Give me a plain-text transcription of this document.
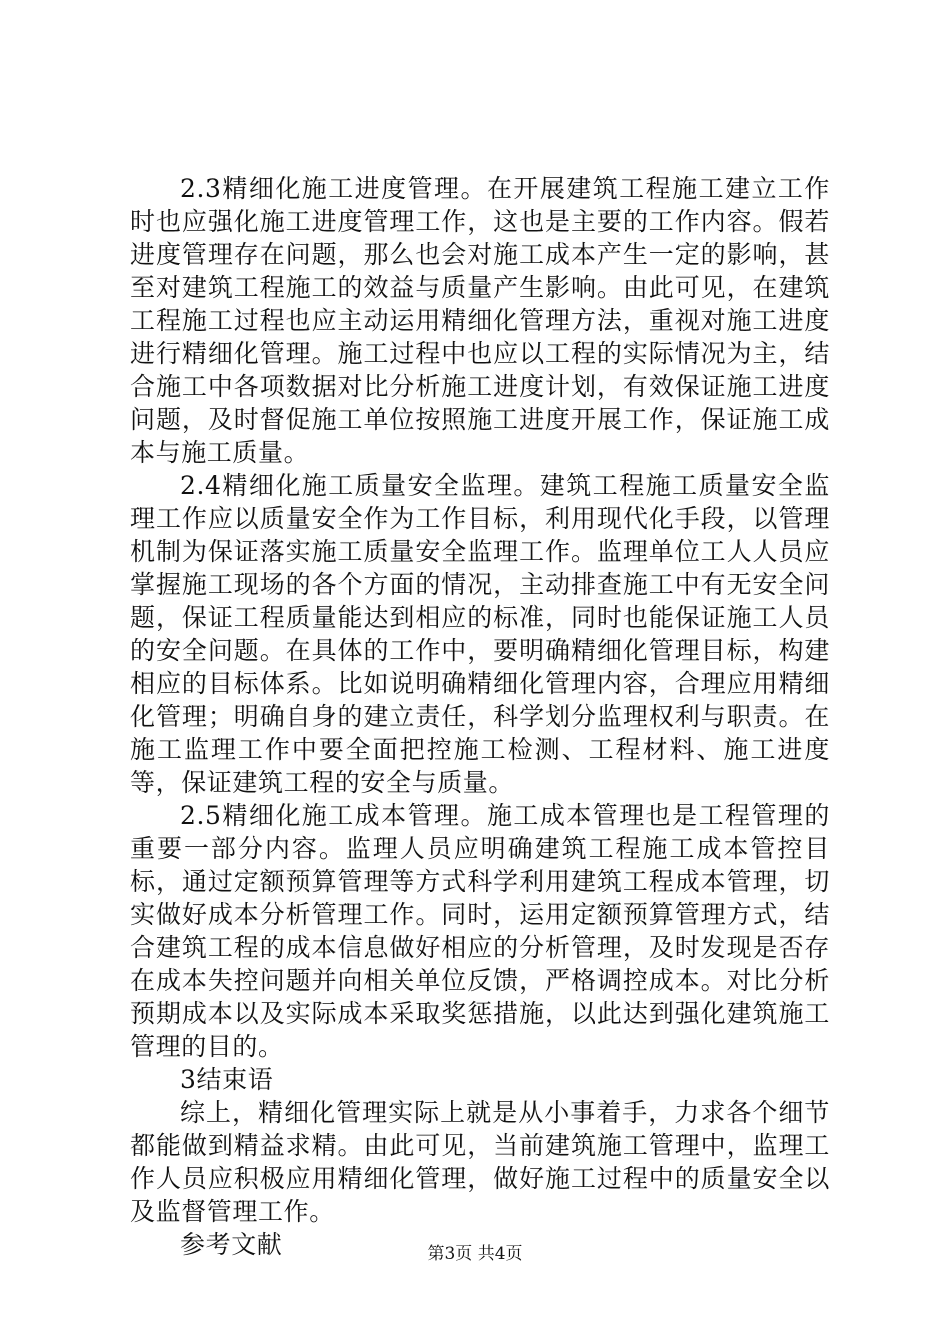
2.3精细化施工进度管理。在开展建筑工程施工建立工作时也应强化施工进度管理工作，这也是主要的工作内容。假若进度管理存在问题，那么也会对施工成本产生一定的影响，甚至对建筑工程施工的效益与质量产生影响。由此可见，在建筑工程施工过程也应主动运用精细化管理方法，重视对施工进度进行精细化管理。施工过程中也应以工程的实际情况为主，结合施工中各项数据对比分析施工进度计划，有效保证施工进度问题，及时督促施工单位按照施工进度开展工作，保证施工成本与施工质量。

2.4精细化施工质量安全监理。建筑工程施工质量安全监理工作应以质量安全作为工作目标，利用现代化手段，以管理机制为保证落实施工质量安全监理工作。监理单位工人人员应掌握施工现场的各个方面的情况，主动排查施工中有无安全问题，保证工程质量能达到相应的标准，同时也能保证施工人员的安全问题。在具体的工作中，要明确精细化管理目标，构建相应的目标体系。比如说明确精细化管理内容，合理应用精细化管理；明确自身的建立责任，科学划分监理权利与职责。在施工监理工作中要全面把控施工检测、工程材料、施工进度等，保证建筑工程的安全与质量。

2.5精细化施工成本管理。施工成本管理也是工程管理的重要一部分内容。监理人员应明确建筑工程施工成本管控目标，通过定额预算管理等方式科学利用建筑工程成本管理，切实做好成本分析管理工作。同时，运用定额预算管理方式，结合建筑工程的成本信息做好相应的分析管理，及时发现是否存在成本失控问题并向相关单位反馈，严格调控成本。对比分析预期成本以及实际成本采取奖惩措施，以此达到强化建筑施工管理的目的。

3结束语

综上，精细化管理实际上就是从小事着手，力求各个细节都能做到精益求精。由此可见，当前建筑施工管理中，监理工作人员应积极应用精细化管理，做好施工过程中的质量安全以及监督管理工作。

参考文献	第3页 共4页
